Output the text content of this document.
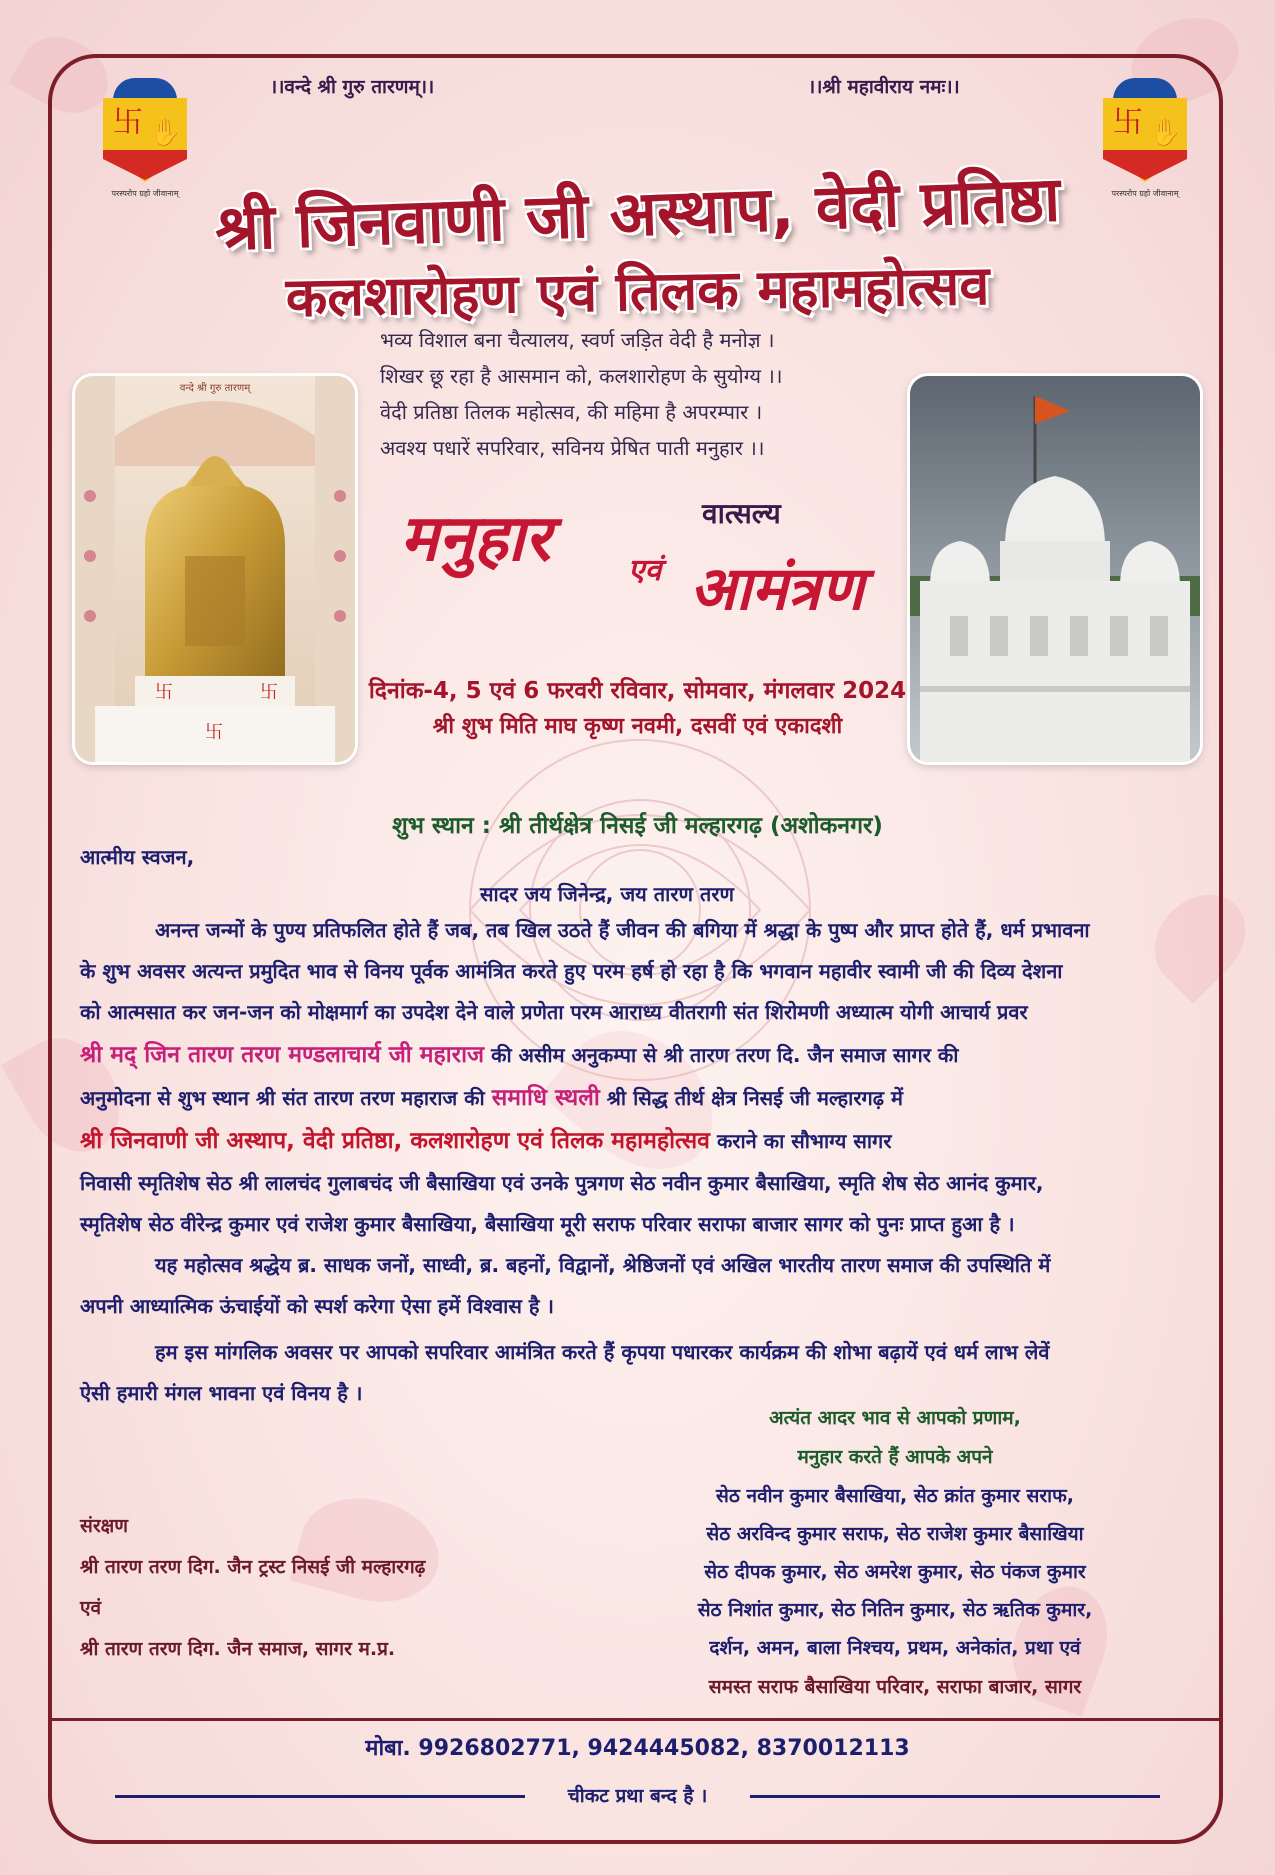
卐 ✋
परस्परोप ग्रहो जीवानाम्
卐 ✋
परस्परोप ग्रहो जीवानाम्
।।वन्दे श्री गुरु तारणम्।।	।।श्री महावीराय नमः।।
श्री जिनवाणी जी अस्थाप, वेदी प्रतिष्ठा
कलशारोहण एवं तिलक महामहोत्सव
भव्य विशाल बना चैत्यालय, स्वर्ण जड़ित वेदी है मनोज्ञ ।
शिखर छू रहा है आसमान को, कलशारोहण के सुयोग्य ।।
वेदी प्रतिष्ठा तिलक महोत्सव, की महिमा है अपरम्पार ।
अवश्य पधारें सपरिवार, सविनय प्रेषित पाती मनुहार ।।
卐	卐
卐
वन्दे श्री गुरु तारणम्
मनुहार	एवं
वात्सल्य
आमंत्रण
दिनांक-4, 5 एवं 6 फरवरी रविवार, सोमवार, मंगलवार 2024
श्री शुभ मिति माघ कृष्ण नवमी, दसवीं एवं एकादशी
शुभ स्थान : श्री तीर्थक्षेत्र निसई जी मल्हारगढ़ (अशोकनगर)
आत्मीय स्वजन,
सादर जय जिनेन्द्र, जय तारण तरण
अनन्त जन्मों के पुण्य प्रतिफलित होते हैं जब, तब खिल उठते हैं जीवन की बगिया में श्रद्धा के पुष्प और प्राप्त होते हैं, धर्म प्रभावना
के शुभ अवसर अत्यन्त प्रमुदित भाव से विनय पूर्वक आमंत्रित करते हुए परम हर्ष हो रहा है कि भगवान महावीर स्वामी जी की दिव्य देशना
को आत्मसात कर जन-जन को मोक्षमार्ग का उपदेश देने वाले प्रणेता परम आराध्य वीतरागी संत शिरोमणी अध्यात्म योगी आचार्य प्रवर
श्री मद् जिन तारण तरण मण्डलाचार्य जी महाराज की असीम अनुकम्पा से श्री तारण तरण दि. जैन समाज सागर की
अनुमोदना से शुभ स्थान श्री संत तारण तरण महाराज की समाधि स्थली श्री सिद्ध तीर्थ क्षेत्र निसई जी मल्हारगढ़ में
श्री जिनवाणी जी अस्थाप, वेदी प्रतिष्ठा, कलशारोहण एवं तिलक महामहोत्सव कराने का सौभाग्य सागर
निवासी स्मृतिशेष सेठ श्री लालचंद गुलाबचंद जी बैसाखिया एवं उनके पुत्रगण सेठ नवीन कुमार बैसाखिया, स्मृति शेष सेठ आनंद कुमार,
स्मृतिशेष सेठ वीरेन्द्र कुमार एवं राजेश कुमार बैसाखिया, बैसाखिया मूरी सराफ परिवार सराफा बाजार सागर को पुनः प्राप्त हुआ है ।
यह महोत्सव श्रद्धेय ब्र. साधक जनों, साध्वी, ब्र. बहनों, विद्वानों, श्रेष्ठिजनों एवं अखिल भारतीय तारण समाज की उपस्थिति में
अपनी आध्यात्मिक ऊंचाईयों को स्पर्श करेगा ऐसा हमें विश्वास है ।
हम इस मांगलिक अवसर पर आपको सपरिवार आमंत्रित करते हैं कृपया पधारकर कार्यक्रम की शोभा बढ़ायें एवं धर्म लाभ लेवें
ऐसी हमारी मंगल भावना एवं विनय है ।
अत्यंत आदर भाव से आपको प्रणाम,
मनुहार करते हैं आपके अपने
सेठ नवीन कुमार बैसाखिया, सेठ क्रांत कुमार सराफ,
सेठ अरविन्द कुमार सराफ, सेठ राजेश कुमार बैसाखिया
सेठ दीपक कुमार, सेठ अमरेश कुमार, सेठ पंकज कुमार
सेठ निशांत कुमार, सेठ नितिन कुमार, सेठ ऋतिक कुमार,
दर्शन, अमन, बाला निश्चय, प्रथम, अनेकांत, प्रथा एवं
समस्त सराफ बैसाखिया परिवार, सराफा बाजार, सागर
संरक्षण
श्री तारण तरण दिग. जैन ट्रस्ट निसई जी मल्हारगढ़
एवं
श्री तारण तरण दिग. जैन समाज, सागर म.प्र.
मोबा. 9926802771, 9424445082, 8370012113
चीकट प्रथा बन्द है ।
